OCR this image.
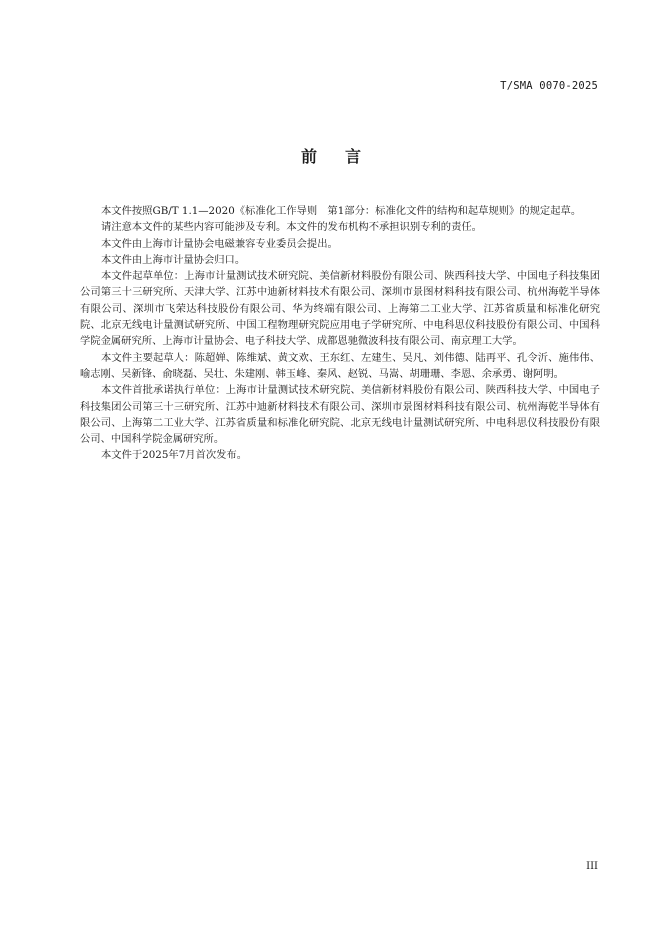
T/SMA 0070-2025
前言

本文件按照GB/T 1.1—2020《标准化工作导则　第1部分：标准化文件的结构和起草规则》的规定起草。

请注意本文件的某些内容可能涉及专利。本文件的发布机构不承担识别专利的责任。

本文件由上海市计量协会电磁兼容专业委员会提出。

本文件由上海市计量协会归口。

本文件起草单位：上海市计量测试技术研究院、美信新材料股份有限公司、陕西科技大学、中国电子科技集团公司第三十三研究所、天津大学、江苏中迪新材料技术有限公司、深圳市景图材料科技有限公司、杭州海乾半导体有限公司、深圳市飞荣达科技股份有限公司、华为终端有限公司、上海第二工业大学、江苏省质量和标准化研究院、北京无线电计量测试研究所、中国工程物理研究院应用电子学研究所、中电科思仪科技股份有限公司、中国科学院金属研究所、上海市计量协会、电子科技大学、成都恩驰微波科技有限公司、南京理工大学。

本文件主要起草人：陈超婵、陈维斌、黄文欢、王东红、左建生、吴凡、刘伟德、陆再平、孔令沂、施伟伟、喻志刚、吴新锋、俞晓磊、吴壮、朱建刚、韩玉峰、秦风、赵锐、马嵩、胡珊珊、李恩、余承勇、谢阿明。

本文件首批承诺执行单位：上海市计量测试技术研究院、美信新材料股份有限公司、陕西科技大学、中国电子科技集团公司第三十三研究所、江苏中迪新材料技术有限公司、深圳市景图材料科技有限公司、杭州海乾半导体有限公司、上海第二工业大学、江苏省质量和标准化研究院、北京无线电计量测试研究所、中电科思仪科技股份有限公司、中国科学院金属研究所。

本文件于2025年7月首次发布。

III
